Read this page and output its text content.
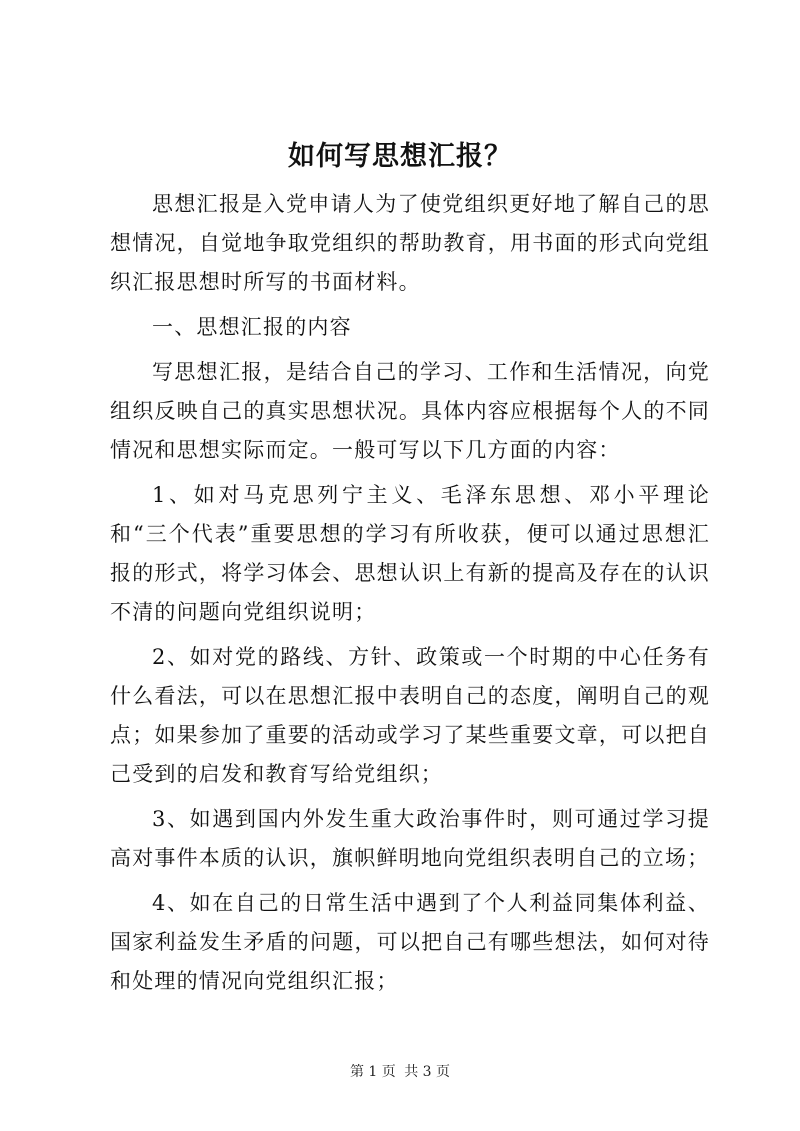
如何写思想汇报？

思想汇报是入党申请人为了使党组织更好地了解自己的思想情况，自觉地争取党组织的帮助教育，用书面的形式向党组织汇报思想时所写的书面材料。

一、思想汇报的内容

写思想汇报，是结合自己的学习、工作和生活情况，向党组织反映自己的真实思想状况。具体内容应根据每个人的不同情况和思想实际而定。一般可写以下几方面的内容：

1、如对马克思列宁主义、毛泽东思想、邓小平理论和“三个代表”重要思想的学习有所收获，便可以通过思想汇报的形式，将学习体会、思想认识上有新的提高及存在的认识不清的问题向党组织说明；

2、如对党的路线、方针、政策或一个时期的中心任务有什么看法，可以在思想汇报中表明自己的态度，阐明自己的观点；如果参加了重要的活动或学习了某些重要文章，可以把自己受到的启发和教育写给党组织；

3、如遇到国内外发生重大政治事件时，则可通过学习提高对事件本质的认识，旗帜鲜明地向党组织表明自己的立场；

4、如在自己的日常生活中遇到了个人利益同集体利益、国家利益发生矛盾的问题，可以把自己有哪些想法，如何对待和处理的情况向党组织汇报；

第 1 页 共 3 页
